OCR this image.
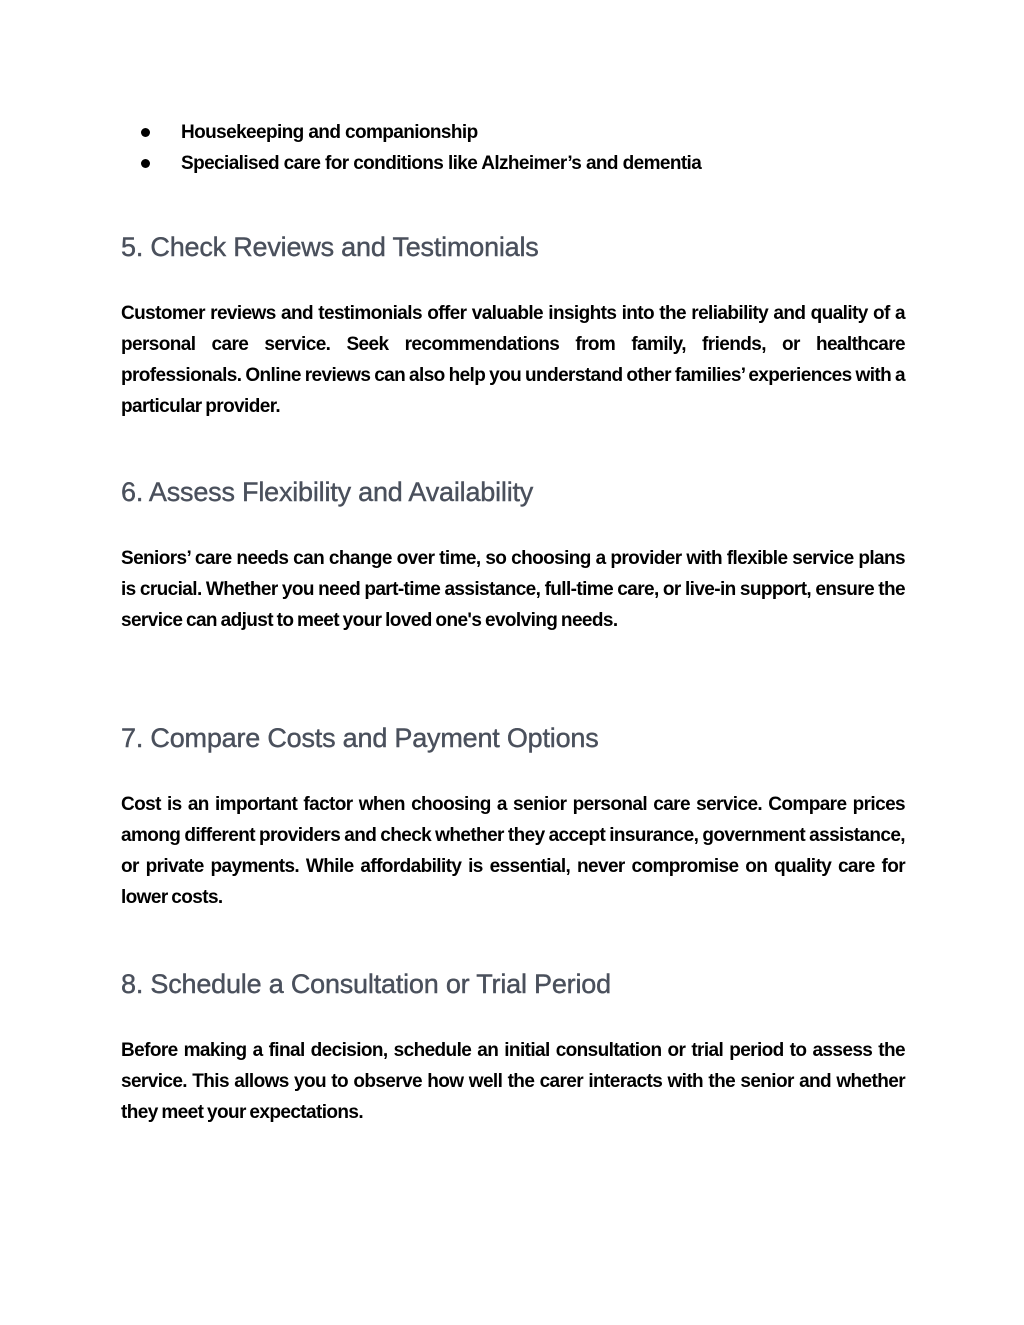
Housekeeping and companionship
Specialised care for conditions like Alzheimer’s and dementia
5. Check Reviews and Testimonials

Customer reviews and testimonials offer valuable insights into the reliability and quality of a personal care service. Seek recommendations from family, friends, or healthcare professionals. Online reviews can also help you understand other families’ experiences with a particular provider.

6. Assess Flexibility and Availability

Seniors’ care needs can change over time, so choosing a provider with flexible service plans is crucial. Whether you need part-time assistance, full-time care, or live-in support, ensure the service can adjust to meet your loved one's evolving needs.

7. Compare Costs and Payment Options

Cost is an important factor when choosing a senior personal care service. Compare prices among different providers and check whether they accept insurance, government assistance, or private payments. While affordability is essential, never compromise on quality care for lower costs.

8. Schedule a Consultation or Trial Period

Before making a final decision, schedule an initial consultation or trial period to assess the service. This allows you to observe how well the carer interacts with the senior and whether they meet your expectations.
